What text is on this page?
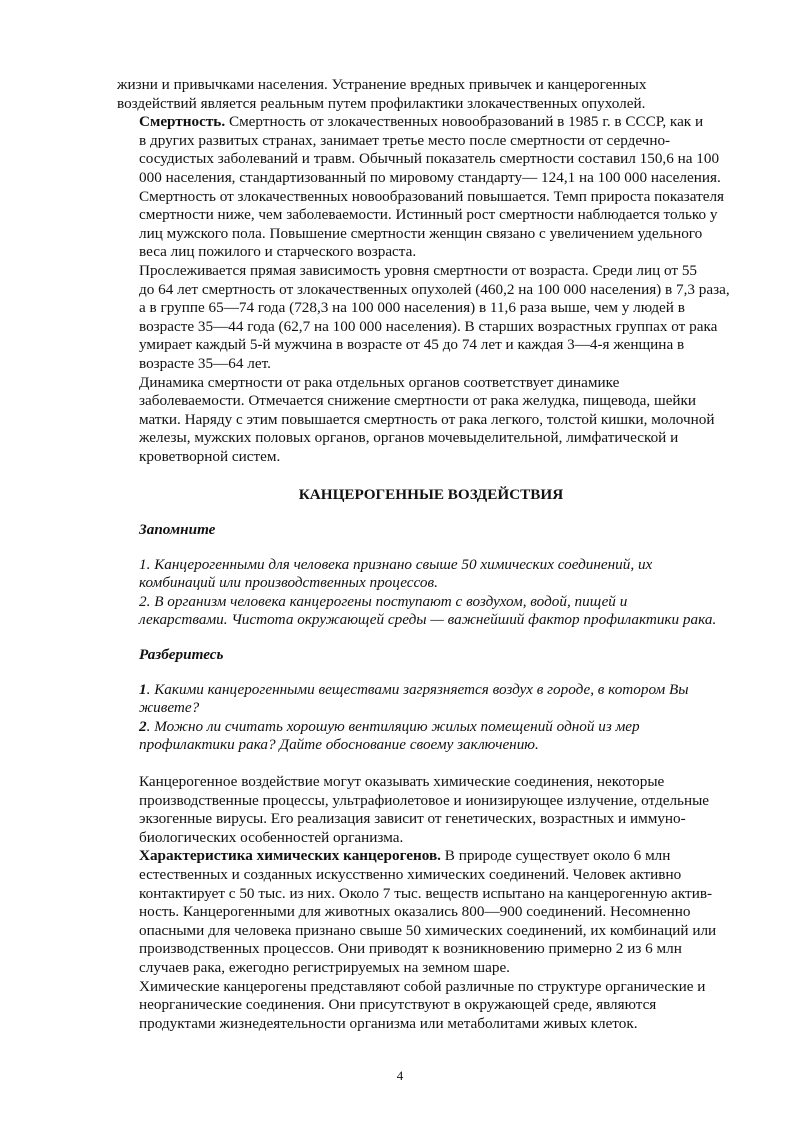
жизни и привычками населения. Устранение вредных привычек и канцерогенных
воздействий является реальным путем профилактики злокачественных опухолей.

Смертность. Смертность от злокачественных новообразований в 1985 г. в СССР, как и
в других развитых странах, занимает третье место после смертности от сердечно-
сосудистых заболеваний и травм. Обычный показатель смертности составил 150,6 на 100
000 населения, стандартизованный по мировому стандарту— 124,1 на 100 000 населения.
Смертность от злокачественных новообразований повышается. Темп прироста показателя
смертности ниже, чем заболеваемости. Истинный рост смертности наблюдается только у
лиц мужского пола. Повышение смертности женщин связано с увеличением удельного
веса лиц пожилого и старческого возраста.

Прослеживается прямая зависимость уровня смертности от возраста. Среди лиц от 55
до 64 лет смертность от злокачественных опухолей (460,2 на 100 000 населения) в 7,3 раза,
а в группе 65—74 года (728,3 на 100 000 населения) в 11,6 раза выше, чем у людей в
возрасте 35—44 года (62,7 на 100 000 населения). В старших возрастных группах от рака
умирает каждый 5-й мужчина в возрасте от 45 до 74 лет и каждая 3—4-я женщина в
возрасте 35—64 лет.

Динамика смертности от рака отдельных органов соответствует динамике
заболеваемости. Отмечается снижение смертности от рака желудка, пищевода, шейки
матки. Наряду с этим повышается смертность от рака легкого, толстой кишки, молочной
железы, мужских половых органов, органов мочевыделительной, лимфатической и
кроветворной систем.

КАНЦЕРОГЕННЫЕ ВОЗДЕЙСТВИЯ
Запомните

1. Канцерогенными для человека признано свыше 50 химических соединений, их
комбинаций или производственных процессов.

2. В организм человека канцерогены поступают с воздухом, водой, пищей и
лекарствами. Чистота окружающей среды — важнейший фактор профилактики рака.

Разберитесь

1. Какими канцерогенными веществами загрязняется воздух в городе, в котором Вы
живете?

2. Можно ли считать хорошую вентиляцию жилых помещений одной из мер
профилактики рака? Дайте обоснование своему заключению.

Канцерогенное воздействие могут оказывать химические соединения, некоторые
производственные процессы, ультрафиолетовое и ионизирующее излучение, отдельные
экзогенные вирусы. Его реализация зависит от генетических, возрастных и иммуно-
биологических особенностей организма.

Характеристика химических канцерогенов. В природе существует около 6 млн
естественных и созданных искусственно химических соединений. Человек активно
контактирует с 50 тыс. из них. Около 7 тыс. веществ испытано на канцерогенную актив-
ность. Канцерогенными для животных оказались 800—900 соединений. Несомненно
опасными для человека признано свыше 50 химических соединений, их комбинаций или
производственных процессов. Они приводят к возникновению примерно 2 из 6 млн
случаев рака, ежегодно регистрируемых на земном шаре.

Химические канцерогены представляют собой различные по структуре органические и
неорганические соединения. Они присутствуют в окружающей среде, являются
продуктами жизнедеятельности организма или метаболитами живых клеток.

4
